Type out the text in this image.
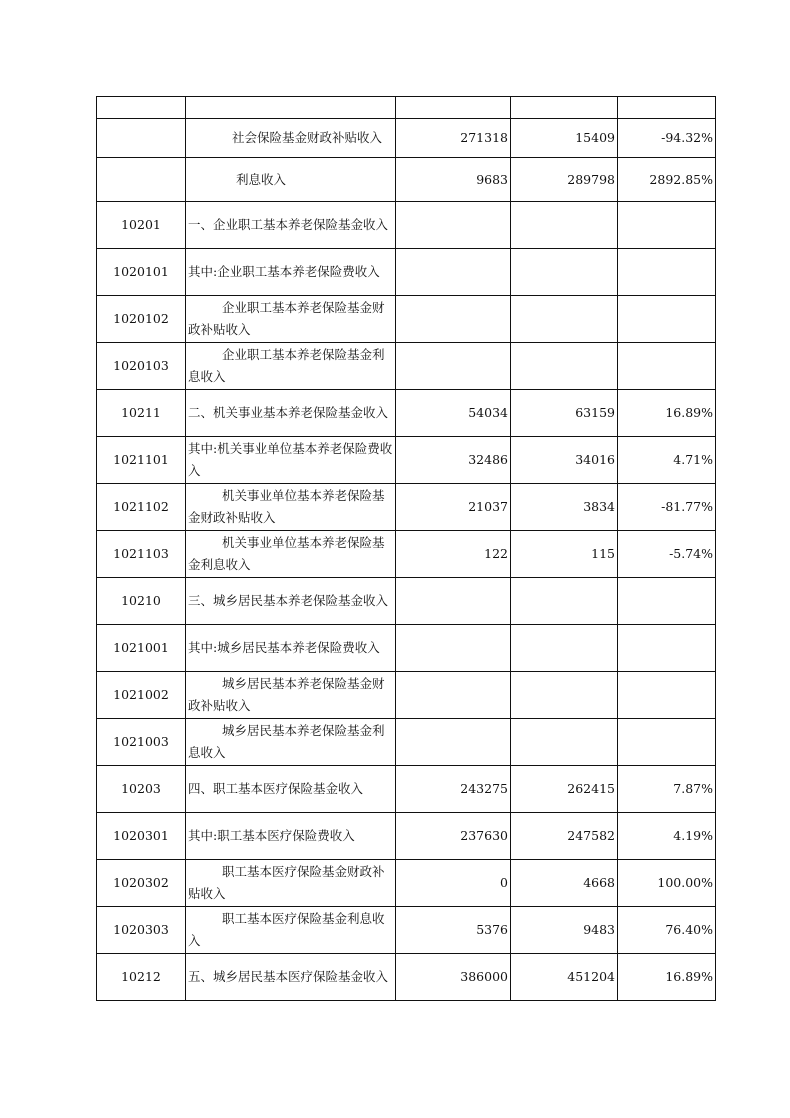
	社会保险基金财政补贴收入	271318	15409	-94.32%
	利息收入	9683	289798	2892.85%
10201	一、企业职工基本养老保险基金收入			
1020101	其中:企业职工基本养老保险费收入			
1020102	企业职工基本养老保险基金财政补贴收入			
1020103	企业职工基本养老保险基金利息收入			
10211	二、机关事业基本养老保险基金收入	54034	63159	16.89%
1021101	其中:机关事业单位基本养老保险费收入	32486	34016	4.71%
1021102	机关事业单位基本养老保险基金财政补贴收入	21037	3834	-81.77%
1021103	机关事业单位基本养老保险基金利息收入	122	115	-5.74%
10210	三、城乡居民基本养老保险基金收入			
1021001	其中:城乡居民基本养老保险费收入			
1021002	城乡居民基本养老保险基金财政补贴收入			
1021003	城乡居民基本养老保险基金利息收入			
10203	四、职工基本医疗保险基金收入	243275	262415	7.87%
1020301	其中:职工基本医疗保险费收入	237630	247582	4.19%
1020302	职工基本医疗保险基金财政补贴收入	0	4668	100.00%
1020303	职工基本医疗保险基金利息收入	5376	9483	76.40%
10212	五、城乡居民基本医疗保险基金收入	386000	451204	16.89%
